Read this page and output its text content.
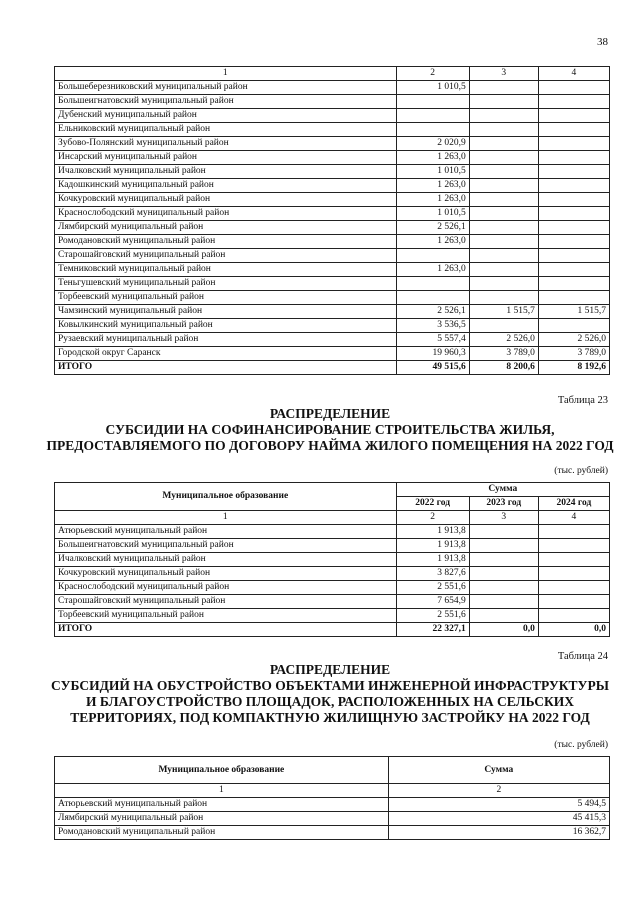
38
1	2	3	4
Большеберезниковский муниципальный район	1 010,5		
Большеигнатовский муниципальный район			
Дубенский муниципальный район			
Ельниковский муниципальный район			
Зубово-Полянский муниципальный район	2 020,9		
Инсарский муниципальный район	1 263,0		
Ичалковский муниципальный район	1 010,5		
Кадошкинский муниципальный район	1 263,0		
Кочкуровский муниципальный район	1 263,0		
Краснослободский муниципальный район	1 010,5		
Лямбирский муниципальный район	2 526,1		
Ромодановский муниципальный район	1 263,0		
Старошайговский муниципальный район			
Темниковский муниципальный район	1 263,0		
Теньгушевский муниципальный район			
Торбеевский муниципальный район			
Чамзинский муниципальный район	2 526,1	1 515,7	1 515,7
Ковылкинский муниципальный район	3 536,5		
Рузаевский муниципальный район	5 557,4	2 526,0	2 526,0
Городской округ Саранск	19 960,3	3 789,0	3 789,0
ИТОГО	49 515,6	8 200,6	8 192,6
Таблица 23
РАСПРЕДЕЛЕНИЕ
СУБСИДИИ НА СОФИНАНСИРОВАНИЕ СТРОИТЕЛЬСТВА ЖИЛЬЯ,
ПРЕДОСТАВЛЯЕМОГО ПО ДОГОВОРУ НАЙМА ЖИЛОГО ПОМЕЩЕНИЯ НА 2022 ГОД
(тыс. рублей)
Муниципальное образование	Сумма		
	2022 год	2023 год	2024 год
1	2	3	4
Атюрьевский муниципальный район	1 913,8		
Большеигнатовский муниципальный район	1 913,8		
Ичалковский муниципальный район	1 913,8		
Кочкуровский муниципальный район	3 827,6		
Краснослободский муниципальный район	2 551,6		
Старошайговский муниципальный район	7 654,9		
Торбеевский муниципальный район	2 551,6		
ИТОГО	22 327,1	0,0	0,0
Таблица 24
РАСПРЕДЕЛЕНИЕ
СУБСИДИЙ НА ОБУСТРОЙСТВО ОБЪЕКТАМИ ИНЖЕНЕРНОЙ ИНФРАСТРУКТУРЫ
И БЛАГОУСТРОЙСТВО ПЛОЩАДОК, РАСПОЛОЖЕННЫХ НА СЕЛЬСКИХ
ТЕРРИТОРИЯХ, ПОД КОМПАКТНУЮ ЖИЛИЩНУЮ ЗАСТРОЙКУ НА 2022 ГОД
(тыс. рублей)
Муниципальное образование	Сумма
1	2
Атюрьевский муниципальный район	5 494,5
Лямбирский муниципальный район	45 415,3
Ромодановский муниципальный район	16 362,7
